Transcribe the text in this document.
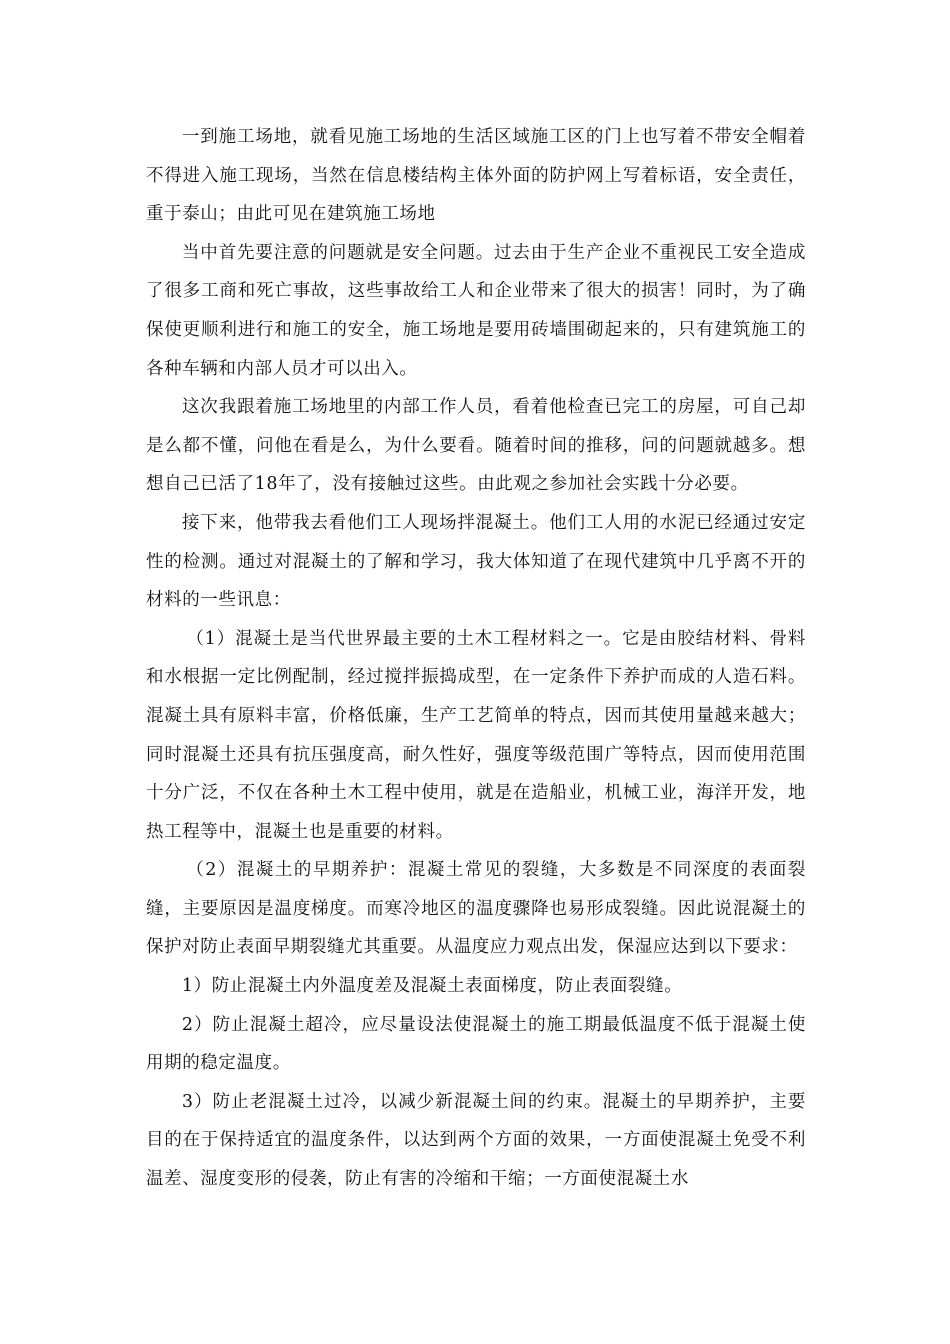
一到施工场地，就看见施工场地的生活区域施工区的门上也写着不带安全帽着不得进入施工现场，当然在信息楼结构主体外面的防护网上写着标语，安全责任，重于泰山；由此可见在建筑施工场地

当中首先要注意的问题就是安全问题。过去由于生产企业不重视民工安全造成了很多工商和死亡事故，这些事故给工人和企业带来了很大的损害！同时，为了确保使更顺利进行和施工的安全，施工场地是要用砖墙围砌起来的，只有建筑施工的各种车辆和内部人员才可以出入。

这次我跟着施工场地里的内部工作人员，看着他检查已完工的房屋，可自己却是么都不懂，问他在看是么，为什么要看。随着时间的推移，问的问题就越多。想想自己已活了18年了，没有接触过这些。由此观之参加社会实践十分必要。

接下来，他带我去看他们工人现场拌混凝土。他们工人用的水泥已经通过安定性的检测。通过对混凝土的了解和学习，我大体知道了在现代建筑中几乎离不开的材料的一些讯息：

（1）混凝土是当代世界最主要的土木工程材料之一。它是由胶结材料、骨料和水根据一定比例配制，经过搅拌振捣成型，在一定条件下养护而成的人造石料。混凝土具有原料丰富，价格低廉，生产工艺简单的特点，因而其使用量越来越大；同时混凝土还具有抗压强度高，耐久性好，强度等级范围广等特点，因而使用范围十分广泛，不仅在各种土木工程中使用，就是在造船业，机械工业，海洋开发，地热工程等中，混凝土也是重要的材料。

（2）混凝土的早期养护：混凝土常见的裂缝，大多数是不同深度的表面裂缝，主要原因是温度梯度。而寒冷地区的温度骤降也易形成裂缝。因此说混凝土的保护对防止表面早期裂缝尤其重要。从温度应力观点出发，保湿应达到以下要求：

1）防止混凝土内外温度差及混凝土表面梯度，防止表面裂缝。

2）防止混凝土超冷，应尽量设法使混凝土的施工期最低温度不低于混凝土使用期的稳定温度。

3）防止老混凝土过冷，以减少新混凝土间的约束。混凝土的早期养护，主要目的在于保持适宜的温度条件，以达到两个方面的效果，一方面使混凝土免受不利温差、湿度变形的侵袭，防止有害的冷缩和干缩；一方面使混凝土水
